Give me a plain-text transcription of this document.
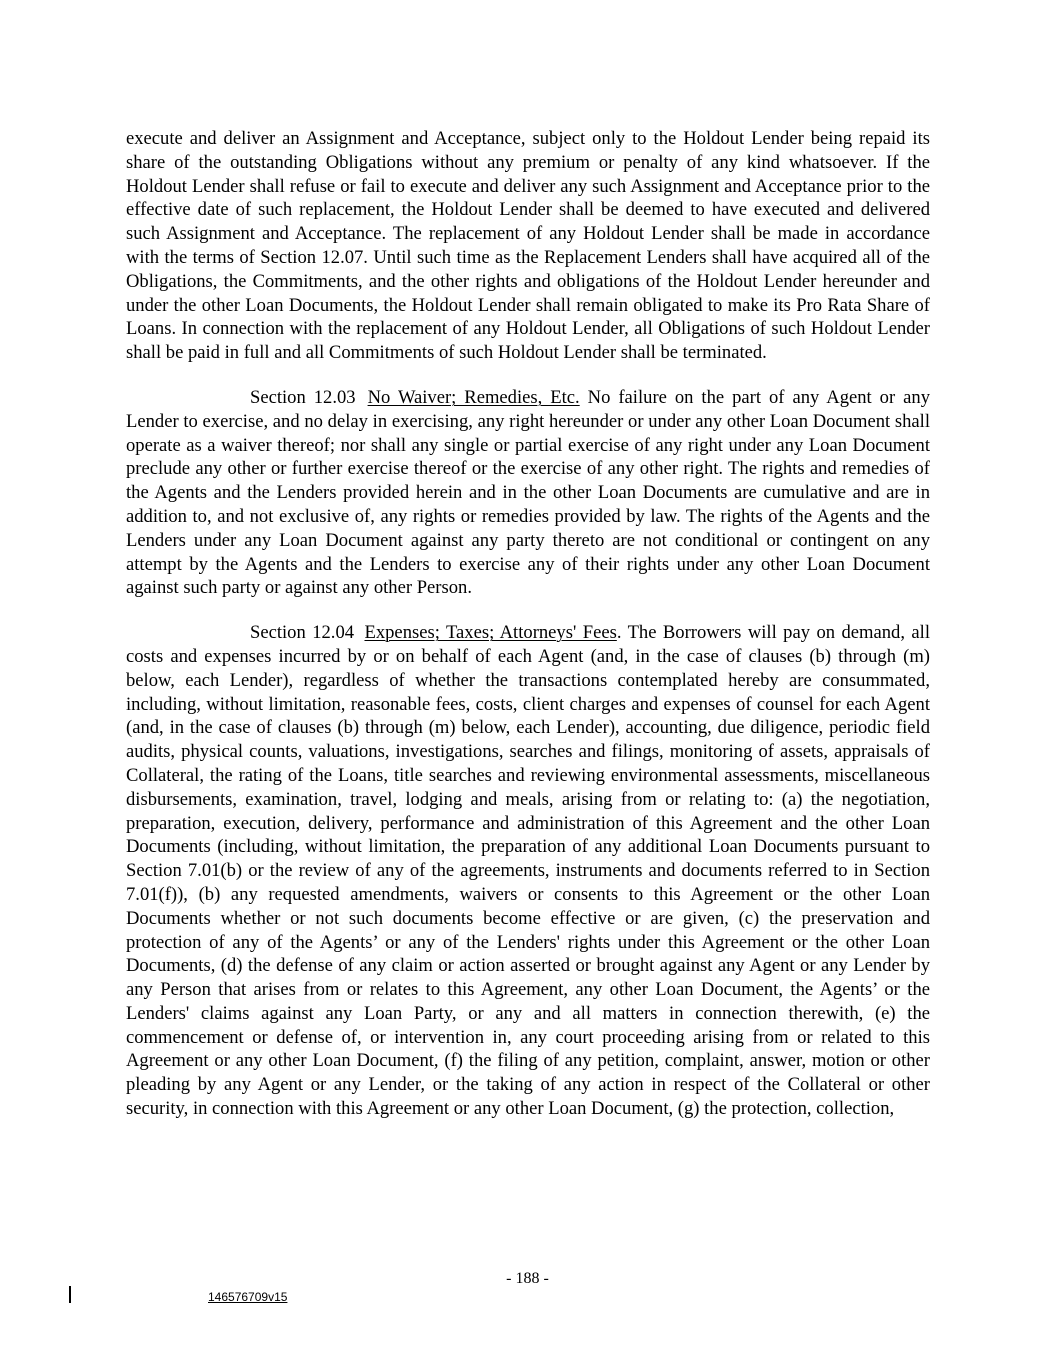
execute and deliver an Assignment and Acceptance, subject only to the Holdout Lender being repaid its share of the outstanding Obligations without any premium or penalty of any kind whatsoever. If the Holdout Lender shall refuse or fail to execute and deliver any such Assignment and Acceptance prior to the effective date of such replacement, the Holdout Lender shall be deemed to have executed and delivered such Assignment and Acceptance. The replacement of any Holdout Lender shall be made in accordance with the terms of Section 12.07. Until such time as the Replacement Lenders shall have acquired all of the Obligations, the Commitments, and the other rights and obligations of the Holdout Lender hereunder and under the other Loan Documents, the Holdout Lender shall remain obligated to make its Pro Rata Share of Loans. In connection with the replacement of any Holdout Lender, all Obligations of such Holdout Lender shall be paid in full and all Commitments of such Holdout Lender shall be terminated.

Section 12.03 No Waiver; Remedies, Etc. No failure on the part of any Agent or any Lender to exercise, and no delay in exercising, any right hereunder or under any other Loan Document shall operate as a waiver thereof; nor shall any single or partial exercise of any right under any Loan Document preclude any other or further exercise thereof or the exercise of any other right. The rights and remedies of the Agents and the Lenders provided herein and in the other Loan Documents are cumulative and are in addition to, and not exclusive of, any rights or remedies provided by law. The rights of the Agents and the Lenders under any Loan Document against any party thereto are not conditional or contingent on any attempt by the Agents and the Lenders to exercise any of their rights under any other Loan Document against such party or against any other Person.

Section 12.04 Expenses; Taxes; Attorneys' Fees. The Borrowers will pay on demand, all costs and expenses incurred by or on behalf of each Agent (and, in the case of clauses (b) through (m) below, each Lender), regardless of whether the transactions contemplated hereby are consummated, including, without limitation, reasonable fees, costs, client charges and expenses of counsel for each Agent (and, in the case of clauses (b) through (m) below, each Lender), accounting, due diligence, periodic field audits, physical counts, valuations, investigations, searches and filings, monitoring of assets, appraisals of Collateral, the rating of the Loans, title searches and reviewing environmental assessments, miscellaneous disbursements, examination, travel, lodging and meals, arising from or relating to: (a) the negotiation, preparation, execution, delivery, performance and administration of this Agreement and the other Loan Documents (including, without limitation, the preparation of any additional Loan Documents pursuant to Section 7.01(b) or the review of any of the agreements, instruments and documents referred to in Section 7.01(f)), (b) any requested amendments, waivers or consents to this Agreement or the other Loan Documents whether or not such documents become effective or are given, (c) the preservation and protection of any of the Agents’ or any of the Lenders' rights under this Agreement or the other Loan Documents, (d) the defense of any claim or action asserted or brought against any Agent or any Lender by any Person that arises from or relates to this Agreement, any other Loan Document, the Agents’ or the Lenders' claims against any Loan Party, or any and all matters in connection therewith, (e) the commencement or defense of, or intervention in, any court proceeding arising from or related to this Agreement or any other Loan Document, (f) the filing of any petition, complaint, answer, motion or other pleading by any Agent or any Lender, or the taking of any action in respect of the Collateral or other security, in connection with this Agreement or any other Loan Document, (g) the protection, collection,

- 188 -
146576709v15
